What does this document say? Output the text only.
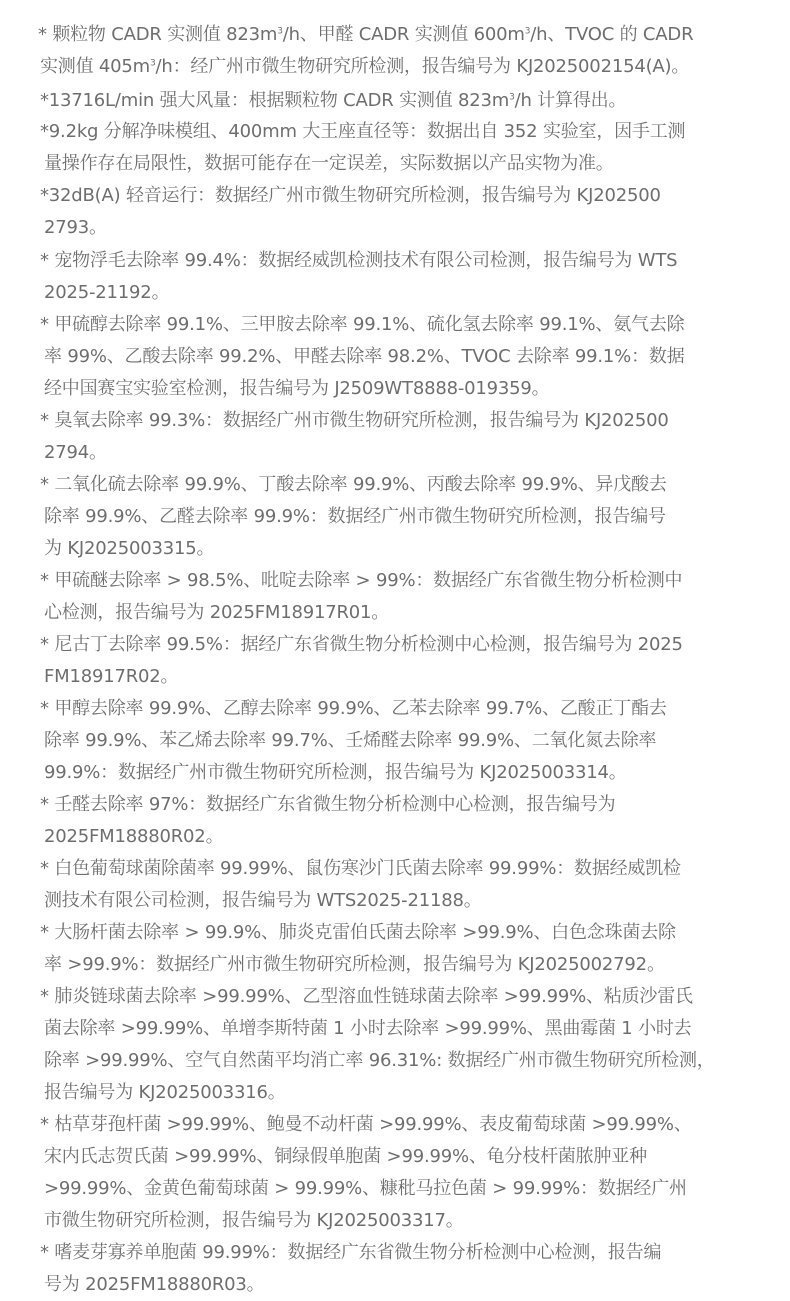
* 颗粒物 CADR 实测值 $823m^3/h$、甲醛 CADR 实测值 $600m^3/h$、TVOC 的 CADR
实测值 $405m^3/h$：经广州市微生物研究所检测，报告编号为 KJ2025002154(A)。
*13716L/min 强大风量：根据颗粒物 CADR 实测值 $823m^3/h$ 计算得出。
*9.2kg 分解净味模组、400mm 大王座直径等：数据出自 352 实验室，因手工测
量操作存在局限性，数据可能存在一定误差，实际数据以产品实物为准。
*32dB(A) 轻音运行：数据经广州市微生物研究所检测，报告编号为 KJ202500
2793。
* 宠物浮毛去除率 99.4%：数据经威凯检测技术有限公司检测，报告编号为 WTS
2025-21192。
* 甲硫醇去除率 99.1%、三甲胺去除率 99.1%、硫化氢去除率 99.1%、氨气去除
率 99%、乙酸去除率 99.2%、甲醛去除率 98.2%、TVOC 去除率 99.1%：数据
经中国赛宝实验室检测，报告编号为 J2509WT8888-019359。
* 臭氧去除率 99.3%：数据经广州市微生物研究所检测，报告编号为 KJ202500
2794。
* 二氧化硫去除率 99.9%、丁酸去除率 99.9%、丙酸去除率 99.9%、异戊酸去
除率 99.9%、乙醛去除率 99.9%：数据经广州市微生物研究所检测，报告编号
为 KJ2025003315。
* 甲硫醚去除率 > 98.5%、吡啶去除率 > 99%：数据经广东省微生物分析检测中
心检测，报告编号为 2025FM18917R01。
* 尼古丁去除率 99.5%：据经广东省微生物分析检测中心检测，报告编号为 2025
FM18917R02。
* 甲醇去除率 99.9%、乙醇去除率 99.9%、乙苯去除率 99.7%、乙酸正丁酯去
除率 99.9%、苯乙烯去除率 99.7%、壬烯醛去除率 99.9%、二氧化氮去除率
99.9%：数据经广州市微生物研究所检测，报告编号为 KJ2025003314。
* 壬醛去除率 97%：数据经广东省微生物分析检测中心检测，报告编号为
2025FM18880R02。
* 白色葡萄球菌除菌率 99.99%、鼠伤寒沙门氏菌去除率 99.99%：数据经威凯检
测技术有限公司检测，报告编号为 WTS2025-21188。
* 大肠杆菌去除率 > 99.9%、肺炎克雷伯氏菌去除率 >99.9%、白色念珠菌去除
率 >99.9%：数据经广州市微生物研究所检测，报告编号为 KJ2025002792。
* 肺炎链球菌去除率 >99.99%、乙型溶血性链球菌去除率 >99.99%、粘质沙雷氏
菌去除率 >99.99%、单增李斯特菌 1 小时去除率 >99.99%、黑曲霉菌 1 小时去
除率 >99.99%、空气自然菌平均消亡率 96.31%: 数据经广州市微生物研究所检测，
报告编号为 KJ2025003316。
* 枯草芽孢杆菌 >99.99%、鲍曼不动杆菌 >99.99%、表皮葡萄球菌 >99.99%、
宋内氏志贺氏菌 >99.99%、铜绿假单胞菌 >99.99%、龟分枝杆菌脓肿亚种
>99.99%、金黄色葡萄球菌 > 99.99%、糠秕马拉色菌 > 99.99%：数据经广州
市微生物研究所检测，报告编号为 KJ2025003317。
* 嗜麦芽寡养单胞菌 99.99%：数据经广东省微生物分析检测中心检测，报告编
号为 2025FM18880R03。
